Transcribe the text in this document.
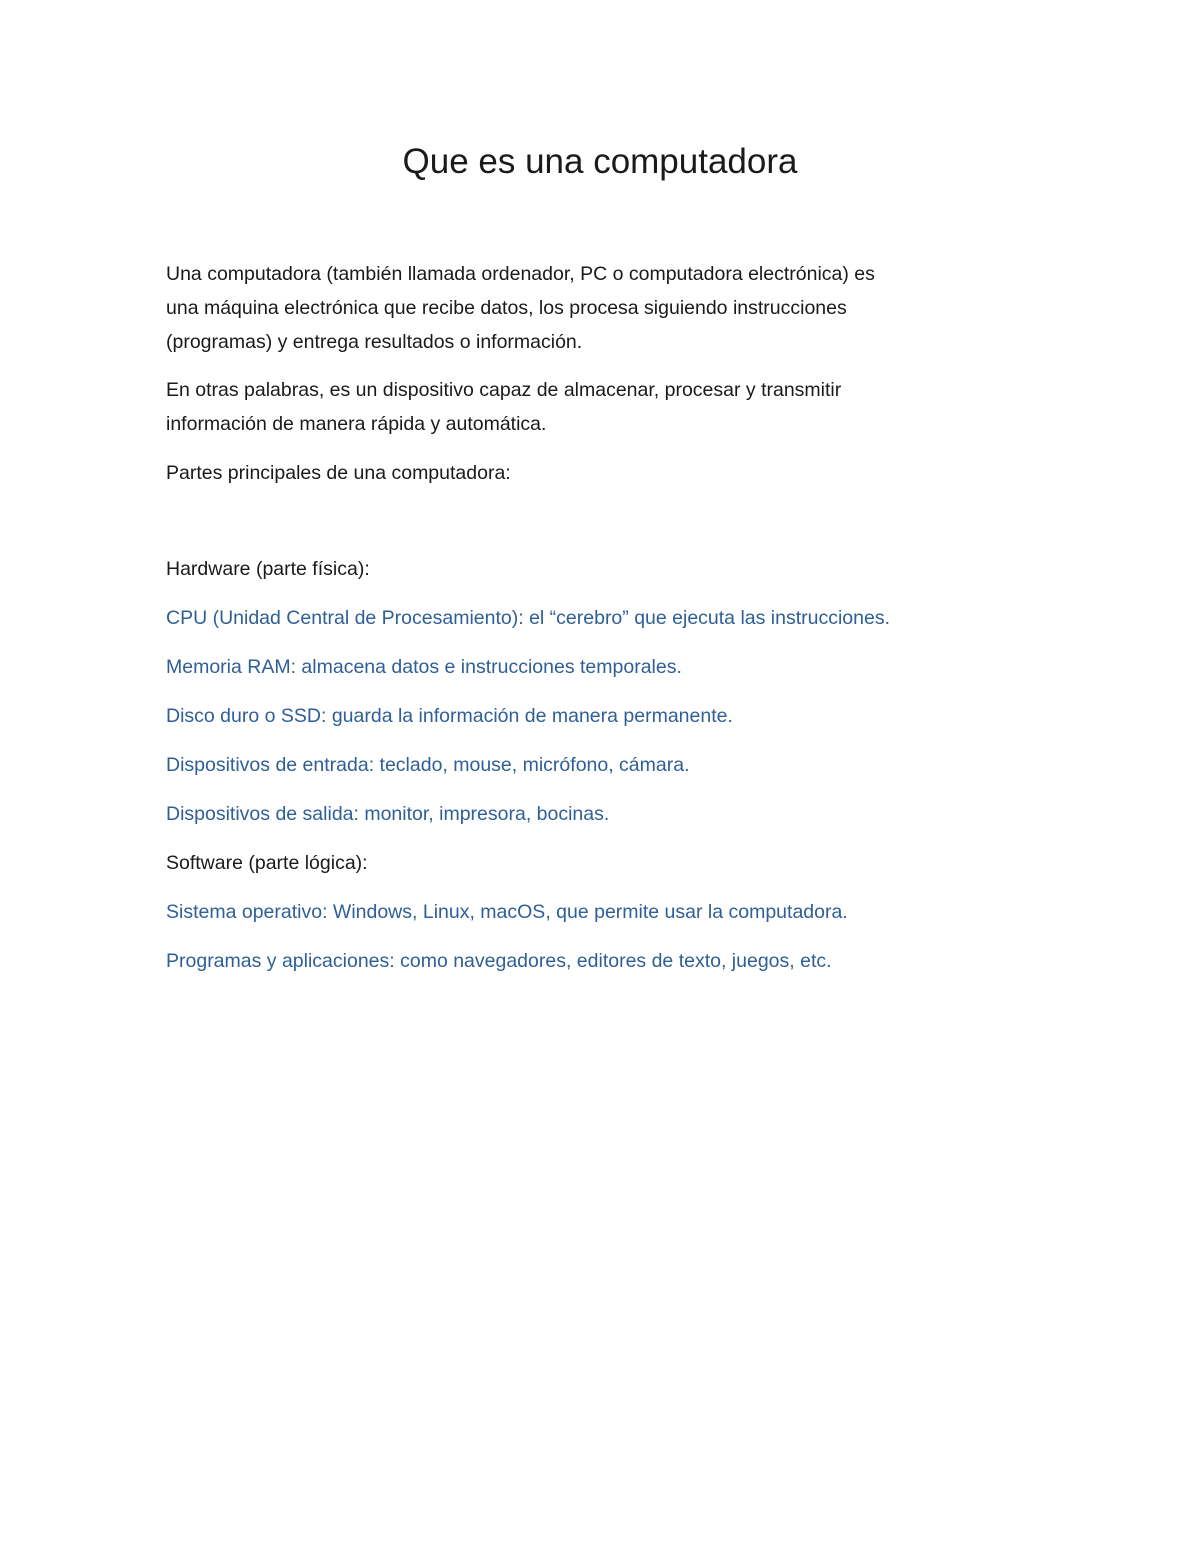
Que es una computadora

Una computadora (también llamada ordenador, PC o computadora electrónica) es
una máquina electrónica que recibe datos, los procesa siguiendo instrucciones
(programas) y entrega resultados o información.

En otras palabras, es un dispositivo capaz de almacenar, procesar y transmitir
información de manera rápida y automática.

Partes principales de una computadora:

Hardware (parte física):

CPU (Unidad Central de Procesamiento): el “cerebro” que ejecuta las instrucciones.

Memoria RAM: almacena datos e instrucciones temporales.

Disco duro o SSD: guarda la información de manera permanente.

Dispositivos de entrada: teclado, mouse, micrófono, cámara.

Dispositivos de salida: monitor, impresora, bocinas.

Software (parte lógica):

Sistema operativo: Windows, Linux, macOS, que permite usar la computadora.

Programas y aplicaciones: como navegadores, editores de texto, juegos, etc.
